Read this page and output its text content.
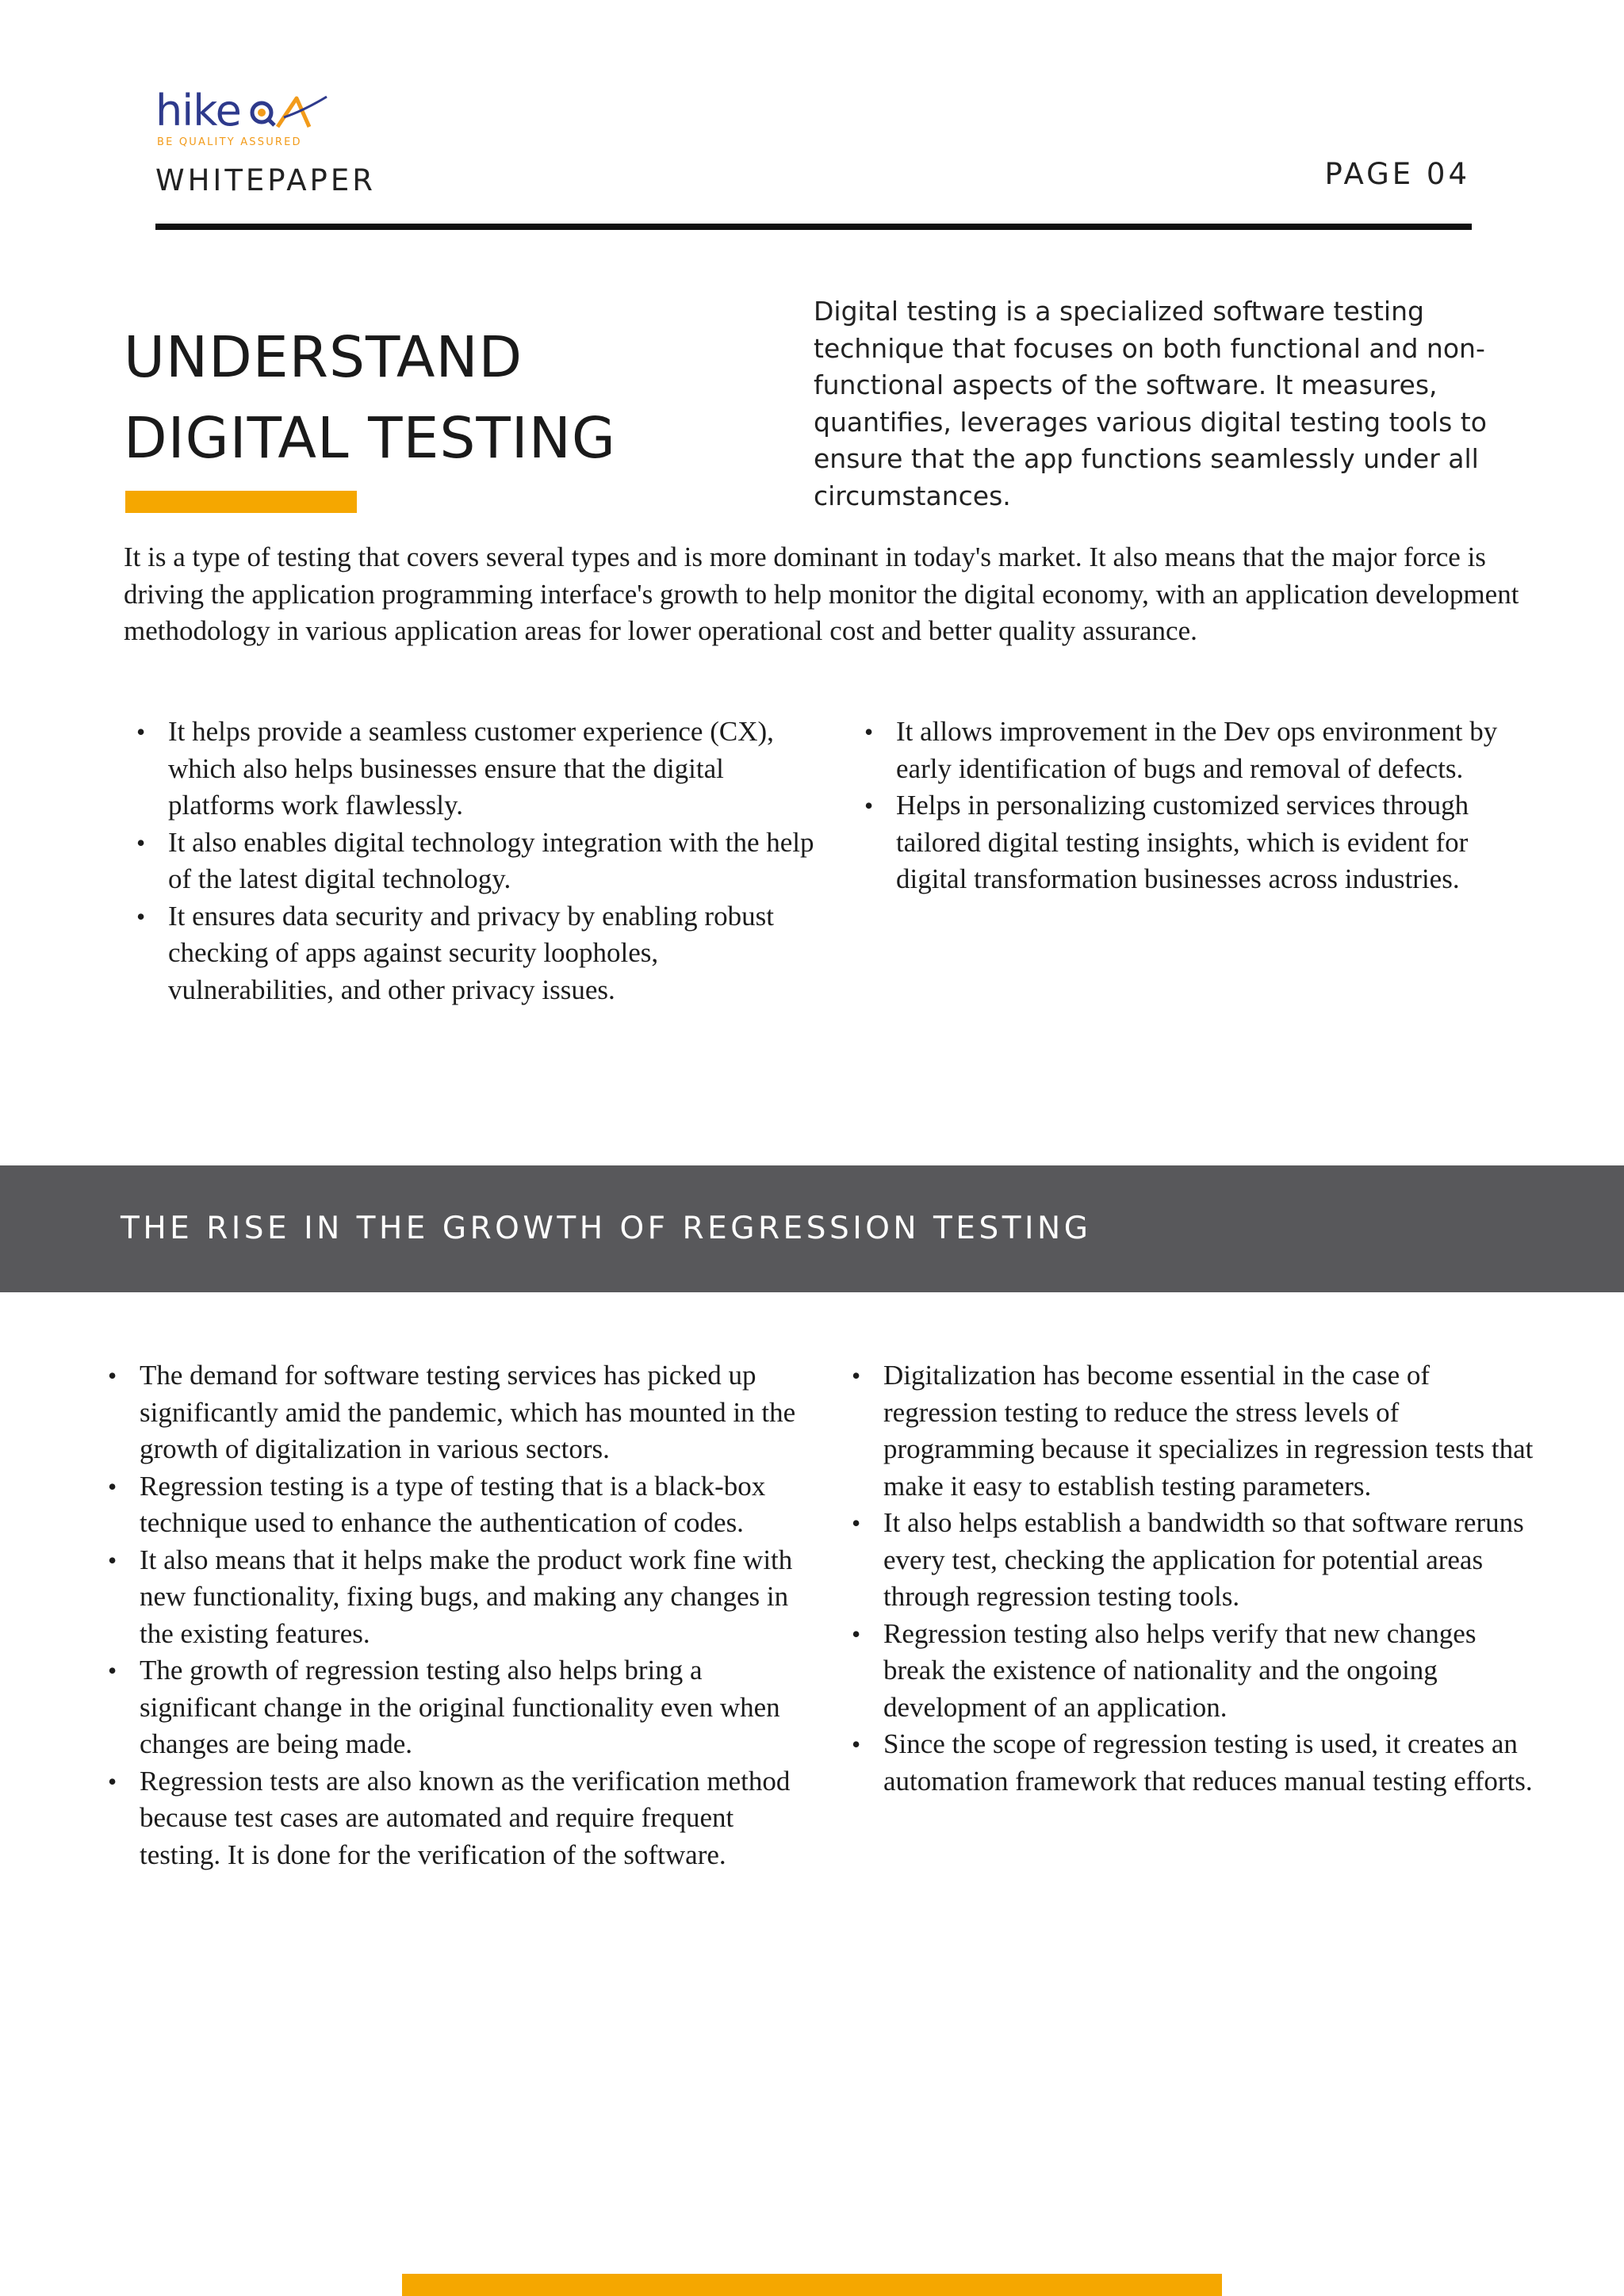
hike
BE QUALITY ASSURED
WHITEPAPER	PAGE 04
UNDERSTAND
DIGITAL TESTING

Digital testing is a specialized software testing technique that focuses on both functional and non-functional aspects of the software. It measures, quantifies, leverages various digital testing tools to ensure that the app functions seamlessly under all circumstances.

It is a type of testing that covers several types and is more dominant in today's market. It also means that the major force is driving the application programming interface's growth to help monitor the digital economy, with an application development methodology in various application areas for lower operational cost and better quality assurance.

• It helps provide a seamless customer experience (CX), which also helps businesses ensure that the digital platforms work flawlessly.
• It also enables digital technology integration with the help of the latest digital technology.
• It ensures data security and privacy by enabling robust checking of apps against security loopholes, vulnerabilities, and other privacy issues.
• It allows improvement in the Dev ops environment by early identification of bugs and removal of defects.
• Helps in personalizing customized services through tailored digital testing insights, which is evident for digital transformation businesses across industries.
THE RISE IN THE GROWTH OF REGRESSION TESTING
• The demand for software testing services has picked up significantly amid the pandemic, which has mounted in the growth of digitalization in various sectors.
• Regression testing is a type of testing that is a black-box technique used to enhance the authentication of codes.
• It also means that it helps make the product work fine with new functionality, fixing bugs, and making any changes in the existing features.
• The growth of regression testing also helps bring a significant change in the original functionality even when changes are being made.
• Regression tests are also known as the verification method because test cases are automated and require frequent testing. It is done for the verification of the software.
• Digitalization has become essential in the case of regression testing to reduce the stress levels of programming because it specializes in regression tests that make it easy to establish testing parameters.
• It also helps establish a bandwidth so that software reruns every test, checking the application for potential areas through regression testing tools.
• Regression testing also helps verify that new changes break the existence of nationality and the ongoing development of an application.
• Since the scope of regression testing is used, it creates an automation framework that reduces manual testing efforts.
